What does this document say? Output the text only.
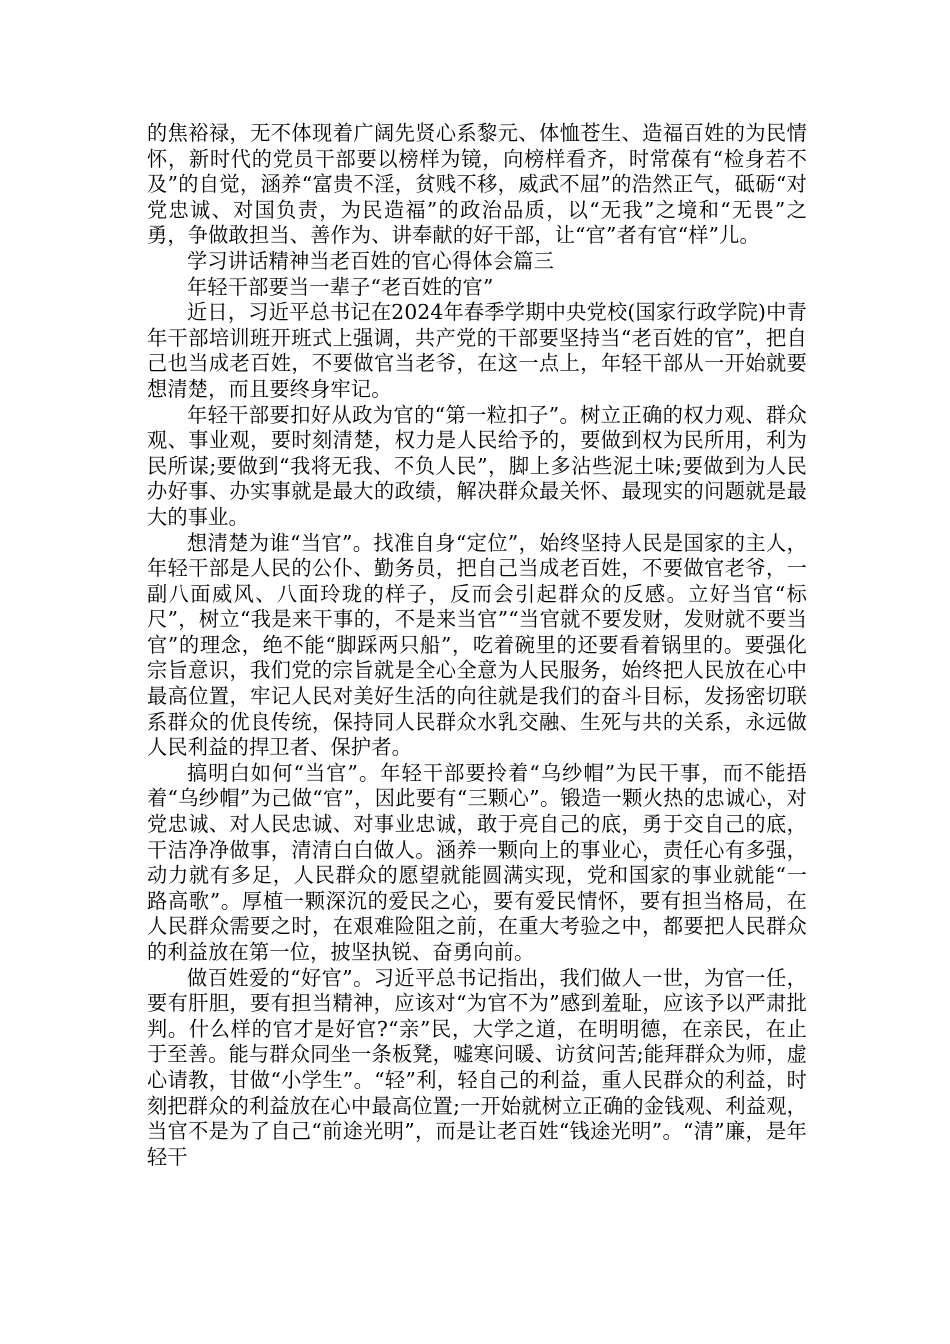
的焦裕禄，无不体现着广阔先贤心系黎元、体恤苍生、造福百姓的为民情怀，新时代的党员干部要以榜样为镜，向榜样看齐，时常葆有“检身若不及”的自觉，涵养“富贵不淫，贫贱不移，威武不屈”的浩然正气，砥砺“对党忠诚、对国负责，为民造福”的政治品质，以“无我”之境和“无畏”之勇，争做敢担当、善作为、讲奉献的好干部，让“官”者有官“样”儿。

学习讲话精神当老百姓的官心得体会篇三

年轻干部要当一辈子“老百姓的官”

近日，习近平总书记在2024年春季学期中央党校(国家行政学院)中青年干部培训班开班式上强调，共产党的干部要坚持当“老百姓的官”，把自己也当成老百姓，不要做官当老爷，在这一点上，年轻干部从一开始就要想清楚，而且要终身牢记。

年轻干部要扣好从政为官的“第一粒扣子”。树立正确的权力观、群众观、事业观，要时刻清楚，权力是人民给予的，要做到权为民所用，利为民所谋;要做到“我将无我、不负人民”，脚上多沾些泥土味;要做到为人民办好事、办实事就是最大的政绩，解决群众最关怀、最现实的问题就是最大的事业。

想清楚为谁“当官”。找准自身“定位”，始终坚持人民是国家的主人，年轻干部是人民的公仆、勤务员，把自己当成老百姓，不要做官老爷，一副八面威风、八面玲珑的样子，反而会引起群众的反感。立好当官“标尺”，树立“我是来干事的，不是来当官”“当官就不要发财，发财就不要当官”的理念，绝不能“脚踩两只船”，吃着碗里的还要看着锅里的。要强化宗旨意识，我们党的宗旨就是全心全意为人民服务，始终把人民放在心中最高位置，牢记人民对美好生活的向往就是我们的奋斗目标，发扬密切联系群众的优良传统，保持同人民群众水乳交融、生死与共的关系，永远做人民利益的捍卫者、保护者。

搞明白如何“当官”。年轻干部要拎着“乌纱帽”为民干事，而不能捂着“乌纱帽”为己做“官”，因此要有“三颗心”。锻造一颗火热的忠诚心，对党忠诚、对人民忠诚、对事业忠诚，敢于亮自己的底，勇于交自己的底，干洁净净做事，清清白白做人。涵养一颗向上的事业心，责任心有多强，动力就有多足，人民群众的愿望就能圆满实现，党和国家的事业就能“一路高歌”。厚植一颗深沉的爱民之心，要有爱民情怀，要有担当格局，在人民群众需要之时，在艰难险阻之前，在重大考验之中，都要把人民群众的利益放在第一位，披坚执锐、奋勇向前。

做百姓爱的“好官”。习近平总书记指出，我们做人一世，为官一任，要有肝胆，要有担当精神，应该对“为官不为”感到羞耻，应该予以严肃批判。什么样的官才是好官?“亲”民，大学之道，在明明德，在亲民，在止于至善。能与群众同坐一条板凳，嘘寒问暖、访贫问苦;能拜群众为师，虚心请教，甘做“小学生”。“轻”利，轻自己的利益，重人民群众的利益，时刻把群众的利益放在心中最高位置;一开始就树立正确的金钱观、利益观，当官不是为了自己“前途光明”，而是让老百姓“钱途光明”。“清”廉，是年轻干
